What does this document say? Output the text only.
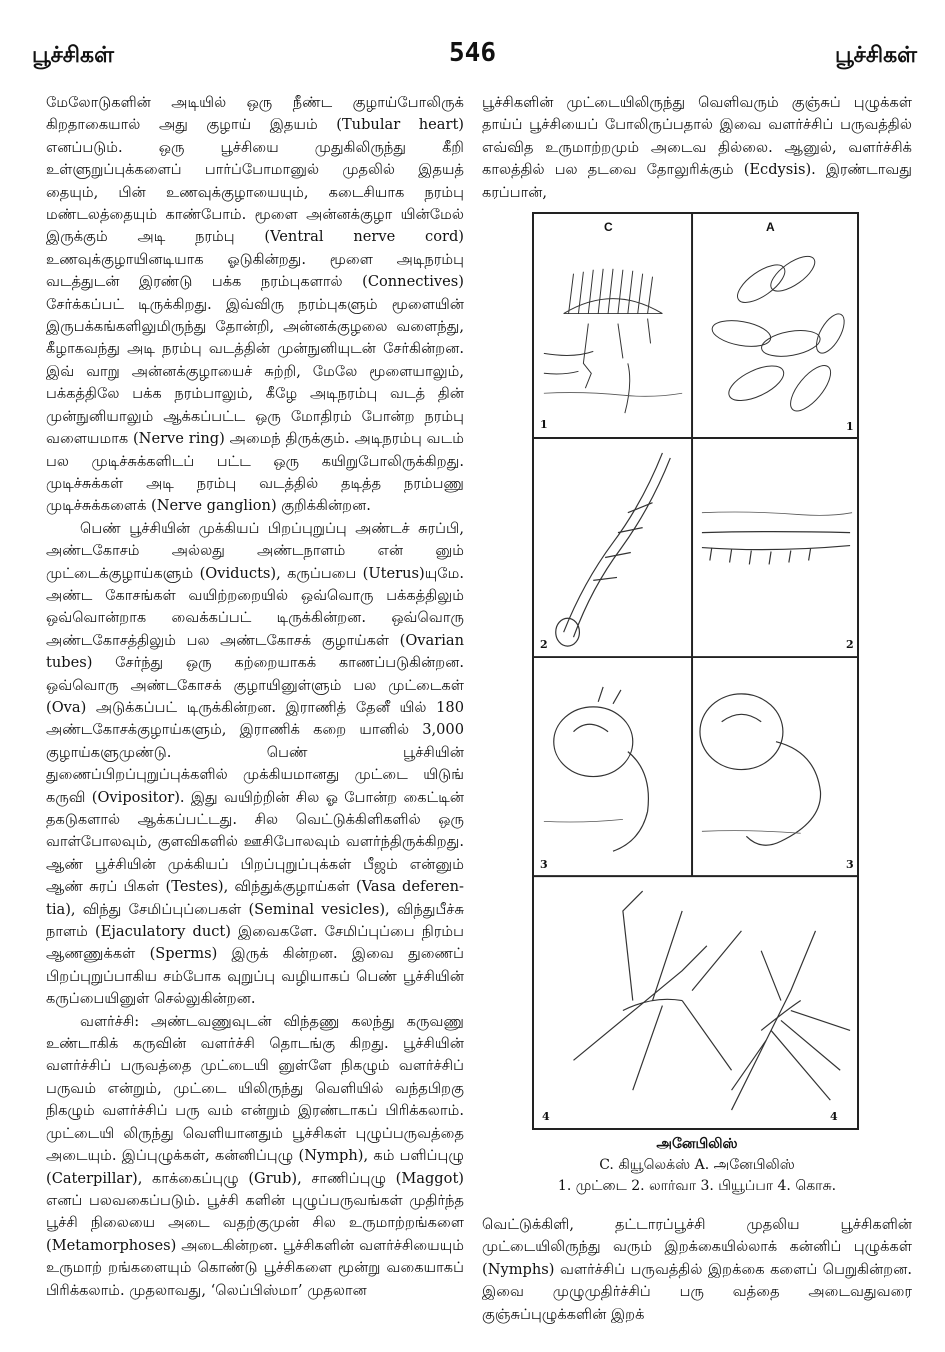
பூச்சிகள்	546	பூச்சிகள்

மேலோடுகளின் அடியில் ஒரு நீண்ட குழாய்போலிருக் கிறதாகையால் அது குழாய் இதயம் (Tubular heart) எனப்படும். ஒரு பூச்சியை முதுகிலிருந்து கீறி உள்ளுறுப்புக்களைப் பார்ப்போமானுல் முதலில் இதயத் தையும், பின் உணவுக்குழாயையும், கடைசியாக நரம்பு மண்டலத்தையும் காண்போம். மூளை அன்னக்குழா யின்மேல் இருக்கும் அடி நரம்பு (Ventral nerve cord) உணவுக்குழாயினடியாக ஓடுகின்றது. மூளை அடிநரம்பு வடத்துடன் இரண்டு பக்க நரம்புகளால் (Connectives) சேர்க்கப்பட் டிருக்கிறது. இவ்விரு நரம்புகளும் மூளையின் இருபக்கங்களிலுமிருந்து தோன்றி, அன்னக்குழலை வளைந்து, கீழாகவந்து அடி நரம்பு வடத்தின் முன்நுனியுடன் சேர்கின்றன. இவ் வாறு அன்னக்குழாயைச் சுற்றி, மேலே மூளையாலும், பக்கத்திலே பக்க நரம்பாலும், கீழே அடிநரம்பு வடத் தின் முன்நுனியாலும் ஆக்கப்பட்ட ஒரு மோதிரம் போன்ற நரம்பு வளையமாக (Nerve ring) அமைந் திருக்கும். அடிநரம்பு வடம் பல முடிச்சுக்களிடப் பட்ட ஒரு கயிறுபோலிருக்கிறது. முடிச்சுக்கள் அடி நரம்பு வடத்தில் தடித்த நரம்பணு முடிச்சுக்களைக் (Nerve ganglion) குறிக்கின்றன.

பெண் பூச்சியின் முக்கியப் பிறப்புறுப்பு அண்டச் சுரப்பி, அண்டகோசம் அல்லது அண்டநாளம் என் னும் முட்டைக்குழாய்களும் (Oviducts), கருப்பபை (Uterus)யுமே. அண்ட கோசங்கள் வயிற்றறையில் ஒவ்வொரு பக்கத்திலும் ஒவ்வொன்றாக வைக்கப்பட் டிருக்கின்றன. ஒவ்வொரு அண்டகோசத்திலும் பல அண்டகோசக் குழாய்கள் (Ovarian tubes) சேர்ந்து ஒரு கற்றையாகக் காணப்படுகின்றன. ஒவ்வொரு அண்டகோசக் குழாயினுள்ளும் பல முட்டைகள் (Ova) அடுக்கப்பட் டிருக்கின்றன. இராணித் தேனீ யில் 180 அண்டகோசக்குழாய்களும், இராணிக் கறை யானில் 3,000 குழாய்களுமுண்டு. பெண் பூச்சியின் துணைப்பிறப்புறுப்புக்களில் முக்கியமானது முட்டை யிடுங் கருவி (Ovipositor). இது வயிற்றின் சில ஓ போன்ற கைட்டின் தகடுகளால் ஆக்கப்பட்டது. சில வெட்டுக்கிளிகளில் ஒரு வாள்போலவும், குளவிகளில் ஊசிபோலவும் வளர்ந்திருக்கிறது. ஆண் பூச்சியின் முக்கியப் பிறப்புறுப்புக்கள் பீஜம் என்னும் ஆண் சுரப் பிகள் (Testes), விந்துக்குழாய்கள் (Vasa deferen- tia), விந்து சேமிப்புப்பைகள் (Seminal vesicles), விந்துபீச்சு நாளம் (Ejaculatory duct) இவைகளே. சேமிப்புப்பை நிரம்ப ஆணணுக்கள் (Sperms) இருக் கின்றன. இவை துணைப் பிறப்புறுப்பாகிய சம்போக வுறுப்பு வழியாகப் பெண் பூச்சியின் கருப்பையினுள் செல்லுகின்றன.

வளர்ச்சி: அண்டவணுவுடன் விந்தணு கலந்து கருவணு உண்டாகிக் கருவின் வளர்ச்சி தொடங்கு கிறது. பூச்சியின் வளர்ச்சிப் பருவத்தை முட்டையி னுள்ளே நிகழும் வளர்ச்சிப் பருவம் என்றும், முட்டை யிலிருந்து வெளியில் வந்தபிறகு நிகழும் வளர்ச்சிப் பரு வம் என்றும் இரண்டாகப் பிரிக்கலாம். முட்டையி லிருந்து வெளியானதும் பூச்சிகள் புழுப்பருவத்தை அடையும். இப்புழுக்கள், கன்னிப்புழு (Nymph), கம் பளிப்புழு (Caterpillar), காக்கைப்புழு (Grub), சாணிப்புழு (Maggot) எனப் பலவகைப்படும். பூச்சி களின் புழுப்பருவங்கள் முதிர்ந்த பூச்சி நிலையை அடை வதற்குமுன் சில உருமாற்றங்களை (Metamorphoses) அடைகின்றன. பூச்சிகளின் வளர்ச்சியையும் உருமாற் றங்களையும் கொண்டு பூச்சிகளை மூன்று வகையாகப் பிரிக்கலாம். முதலாவது, ‘லெப்பிஸ்மா’ முதலான

பூச்சிகளின் முட்டையிலிருந்து வெளிவரும் குஞ்சுப் புழுக்கள் தாய்ப் பூச்சியைப் போலிருப்பதால் இவை வளர்ச்சிப் பருவத்தில் எவ்வித உருமாற்றமும் அடைவ தில்லை. ஆனுல், வளர்ச்சிக் காலத்தில் பல தடவை தோலுரிக்கும் (Ecdysis). இரண்டாவது கரப்பான்,

C	A
1	1
2	2
3	3
4	4
அனேபிலிஸ்
C. கியூலெக்ஸ் A. அனேபிலிஸ்
1. முட்டை 2. லார்வா 3. பியூப்பா 4. கொசு.

வெட்டுக்கிளி, தட்டாரப்பூச்சி முதலிய பூச்சிகளின் முட்டையிலிருந்து வரும் இறக்கையில்லாக் கன்னிப் புழுக்கள் (Nymphs) வளர்ச்சிப் பருவத்தில் இறக்கை களைப் பெறுகின்றன. இவை முழுமுதிர்ச்சிப் பரு வத்தை அடைவதுவரை குஞ்சுப்புழுக்களின் இறக்
